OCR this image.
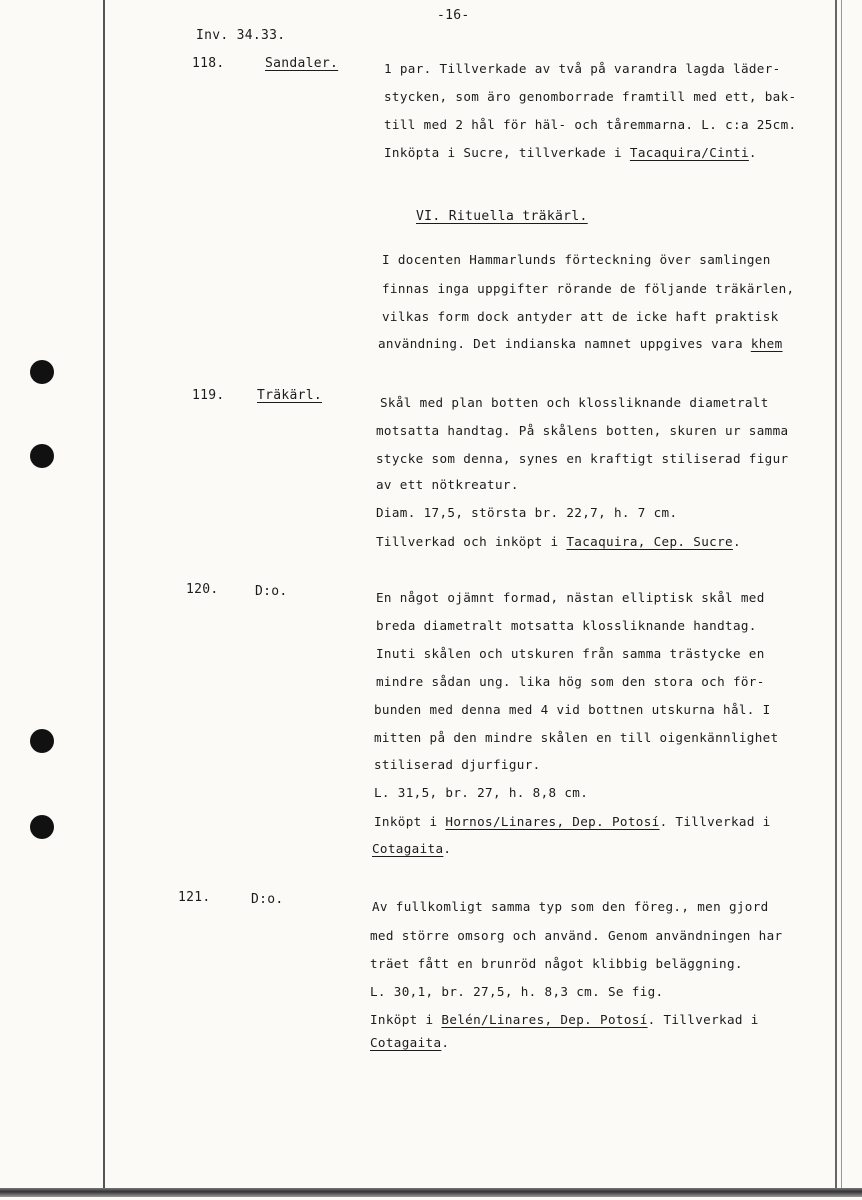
-16-
Inv. 34.33.
118.	Sandaler.	1 par. Tillverkade av två på varandra lagda läder-
stycken, som äro genomborrade framtill med ett, bak-
till med 2 hål för häl- och tåremmarna. L. c:a 25cm.
Inköpta i Sucre, tillverkade i Tacaquira/Cinti.
VI. Rituella träkärl.
I docenten Hammarlunds förteckning över samlingen
finnas inga uppgifter rörande de följande träkärlen,
vilkas form dock antyder att de icke haft praktisk
användning. Det indianska namnet uppgives vara khem
119. Träkärl.	Skål med plan botten och klossliknande diametralt
motsatta handtag. På skålens botten, skuren ur samma
stycke som denna, synes en kraftigt stiliserad figur
av ett nötkreatur.
Diam. 17,5, största br. 22,7, h. 7 cm.
Tillverkad och inköpt i Tacaquira, Cep. Sucre.
120.	D:o.	En något ojämnt formad, nästan elliptisk skål med
breda diametralt motsatta klossliknande handtag.
Inuti skålen och utskuren från samma trästycke en
mindre sådan ung. lika hög som den stora och för-
bunden med denna med 4 vid bottnen utskurna hål. I
mitten på den mindre skålen en till oigenkännlighet
stiliserad djurfigur.
L. 31,5, br. 27, h. 8,8 cm.
Inköpt i Hornos/Linares, Dep. Potosí. Tillverkad i
Cotagaita.
121.	D:o.	Av fullkomligt samma typ som den föreg., men gjord
med större omsorg och använd. Genom användningen har
träet fått en brunröd något klibbig beläggning.
L. 30,1, br. 27,5, h. 8,3 cm. Se fig.
Inköpt i Belén/Linares, Dep. Potosí. Tillverkad i
Cotagaita.
